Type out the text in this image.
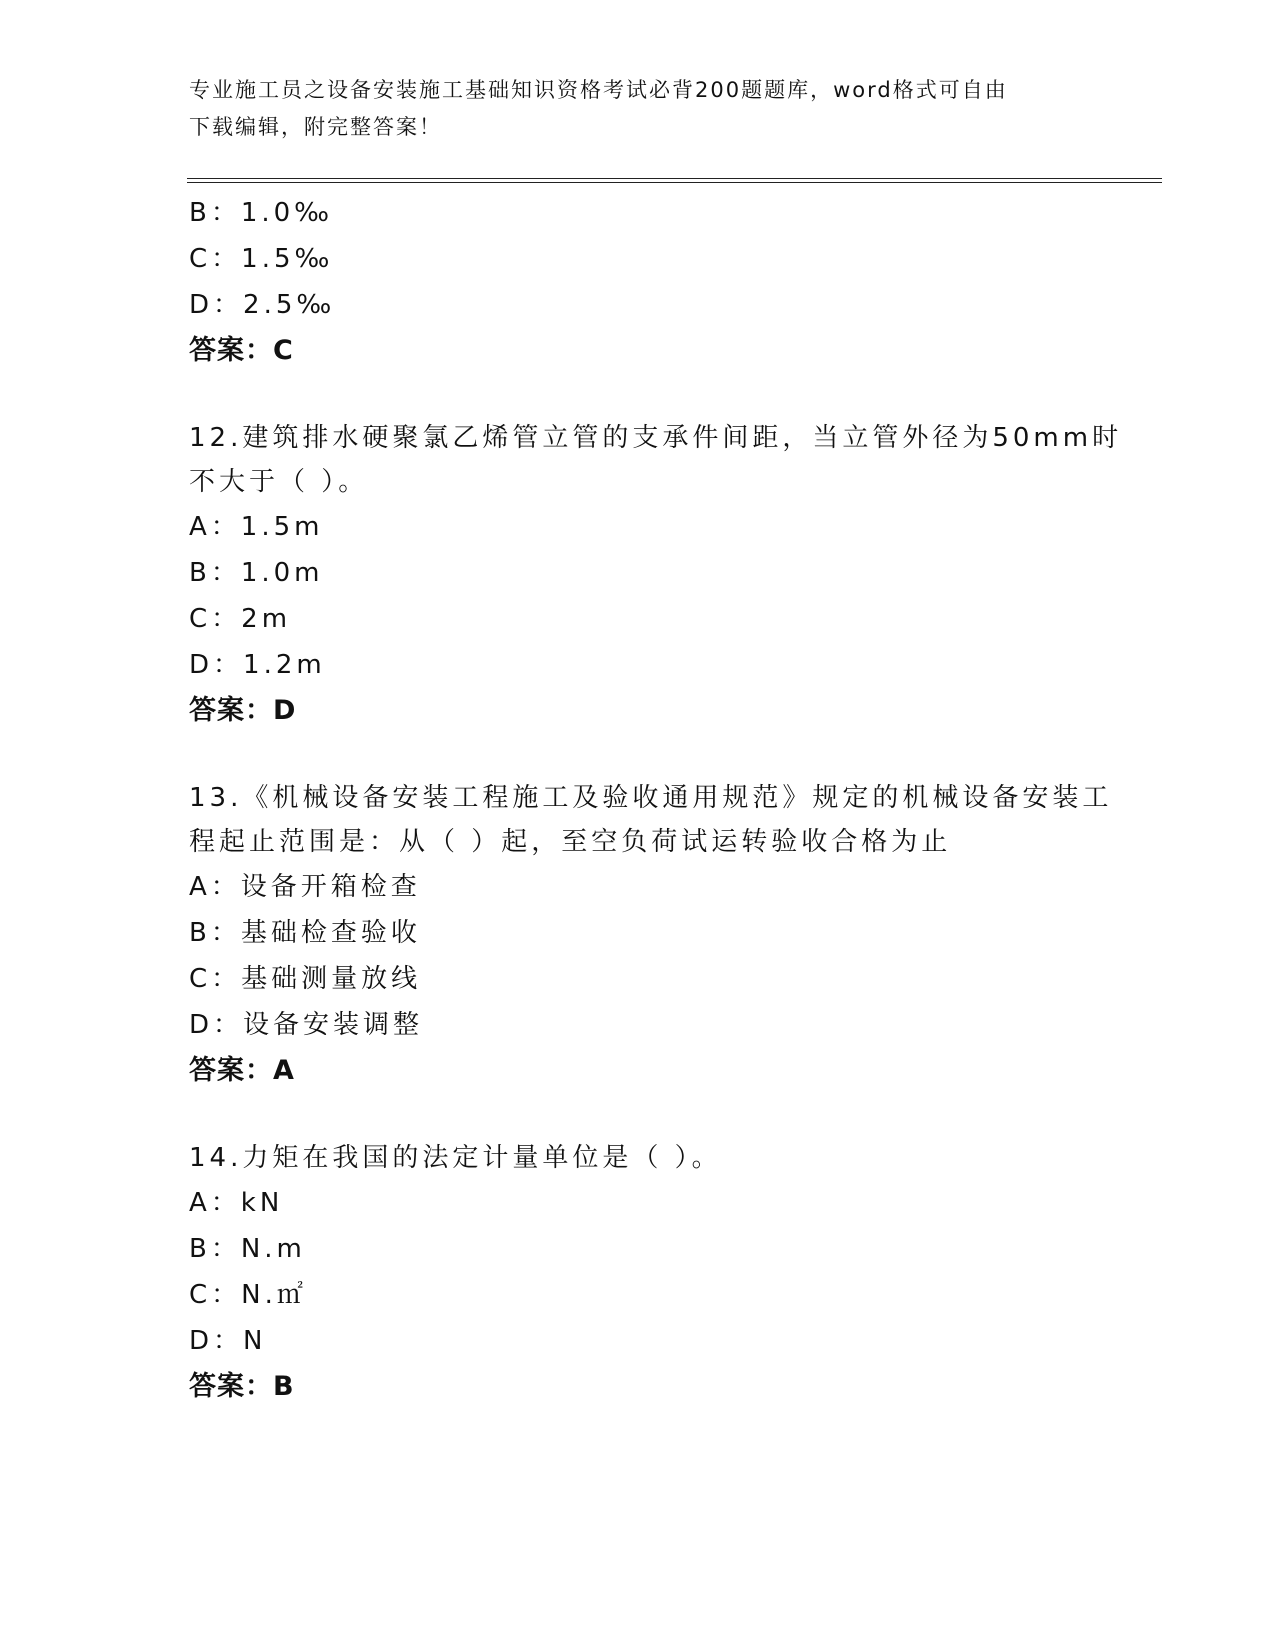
专业施工员之设备安装施工基础知识资格考试必背200题题库，word格式可自由
下载编辑，附完整答案！
B：1.0‰
C：1.5‰
D：2.5‰
答案：C
12.建筑排水硬聚氯乙烯管立管的支承件间距，当立管外径为50mm时
不大于（ ）。
A：1.5m
B：1.0m
C：2m
D：1.2m
答案：D
13.《机械设备安装工程施工及验收通用规范》规定的机械设备安装工
程起止范围是：从（ ）起，至空负荷试运转验收合格为止
A：设备开箱检查
B：基础检查验收
C：基础测量放线
D：设备安装调整
答案：A
14.力矩在我国的法定计量单位是（ ）。
A：kN
B：N.m
C：N.㎡
D：N
答案：B
